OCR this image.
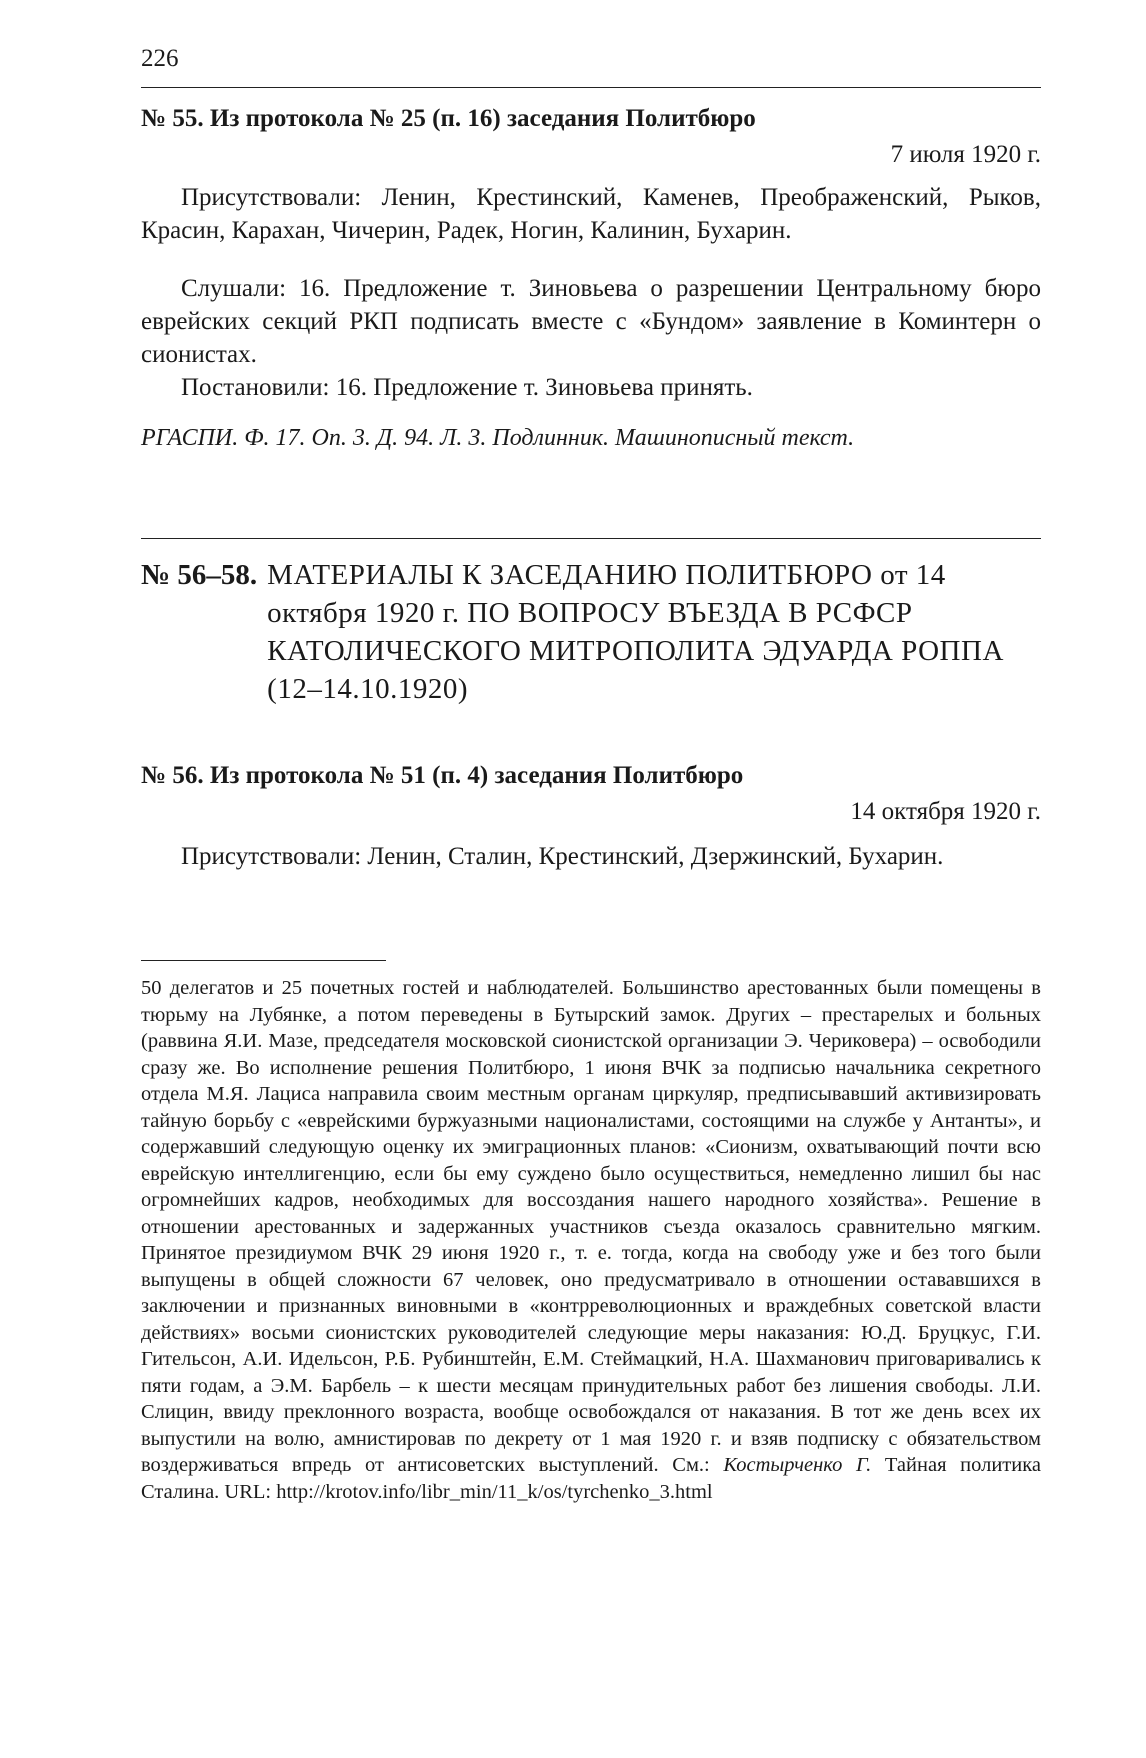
226

№ 55. Из протокола № 25 (п. 16) заседания Политбюро

7 июля 1920 г.

Присутствовали: Ленин, Крестинский, Каменев, Преображенский, Рыков, Красин, Карахан, Чичерин, Радек, Ногин, Калинин, Бухарин.

Слушали: 16. Предложение т. Зиновьева о разрешении Центральному бюро еврейских секций РКП подписать вместе с «Бундом» заявление в Коминтерн о сионистах.

Постановили: 16. Предложение т. Зиновьева принять.

РГАСПИ. Ф. 17. Оп. 3. Д. 94. Л. 3. Подлинник. Машинописный текст.

№ 56–58. МАТЕРИАЛЫ К ЗАСЕДАНИЮ ПОЛИТБЮРО от 14 октября 1920 г. ПО ВОПРОСУ ВЪЕЗДА В РСФСР КАТОЛИЧЕСКОГО МИТРОПОЛИТА ЭДУАРДА РОППА (12–14.10.1920)

№ 56. Из протокола № 51 (п. 4) заседания Политбюро

14 октября 1920 г.

Присутствовали: Ленин, Сталин, Крестинский, Дзержинский, Бухарин.

50 делегатов и 25 почетных гостей и наблюдателей. Большинство арестованных были помещены в тюрьму на Лубянке, а потом переведены в Бутырский замок. Других – престарелых и больных (раввина Я.И. Мазе, председателя московской сионистской организации Э. Чериковера) – освободили сразу же. Во исполнение решения Политбюро, 1 июня ВЧК за подписью начальника секретного отдела М.Я. Лациса направила своим местным органам циркуляр, предписывавший активизировать тайную борьбу с «еврейскими буржуазными националистами, состоящими на службе у Антанты», и содержавший следующую оценку их эмиграционных планов: «Сионизм, охватывающий почти всю еврейскую интеллигенцию, если бы ему суждено было осуществиться, немедленно лишил бы нас огромнейших кадров, необходимых для воссоздания нашего народного хозяйства». Решение в отношении арестованных и задержанных участников съезда оказалось сравнительно мягким. Принятое президиумом ВЧК 29 июня 1920 г., т. е. тогда, когда на свободу уже и без того были выпущены в общей сложности 67 человек, оно предусматривало в отношении остававшихся в заключении и признанных виновными в «контрреволюционных и враждебных советской власти действиях» восьми сионистских руководителей следующие меры наказания: Ю.Д. Бруцкус, Г.И. Гительсон, А.И. Идельсон, Р.Б. Рубинштейн, Е.М. Стеймацкий, Н.А. Шахманович приговаривались к пяти годам, а Э.М. Барбель – к шести месяцам принудительных работ без лишения свободы. Л.И. Слицин, ввиду преклонного возраста, вообще освобождался от наказания. В тот же день всех их выпустили на волю, амнистировав по декрету от 1 мая 1920 г. и взяв подписку с обязательством воздерживаться впредь от антисоветских выступлений. См.: Костырченко Г. Тайная политика Сталина. URL: http://krotov.info/libr_min/11_k/os/tyrchenko_3.html
